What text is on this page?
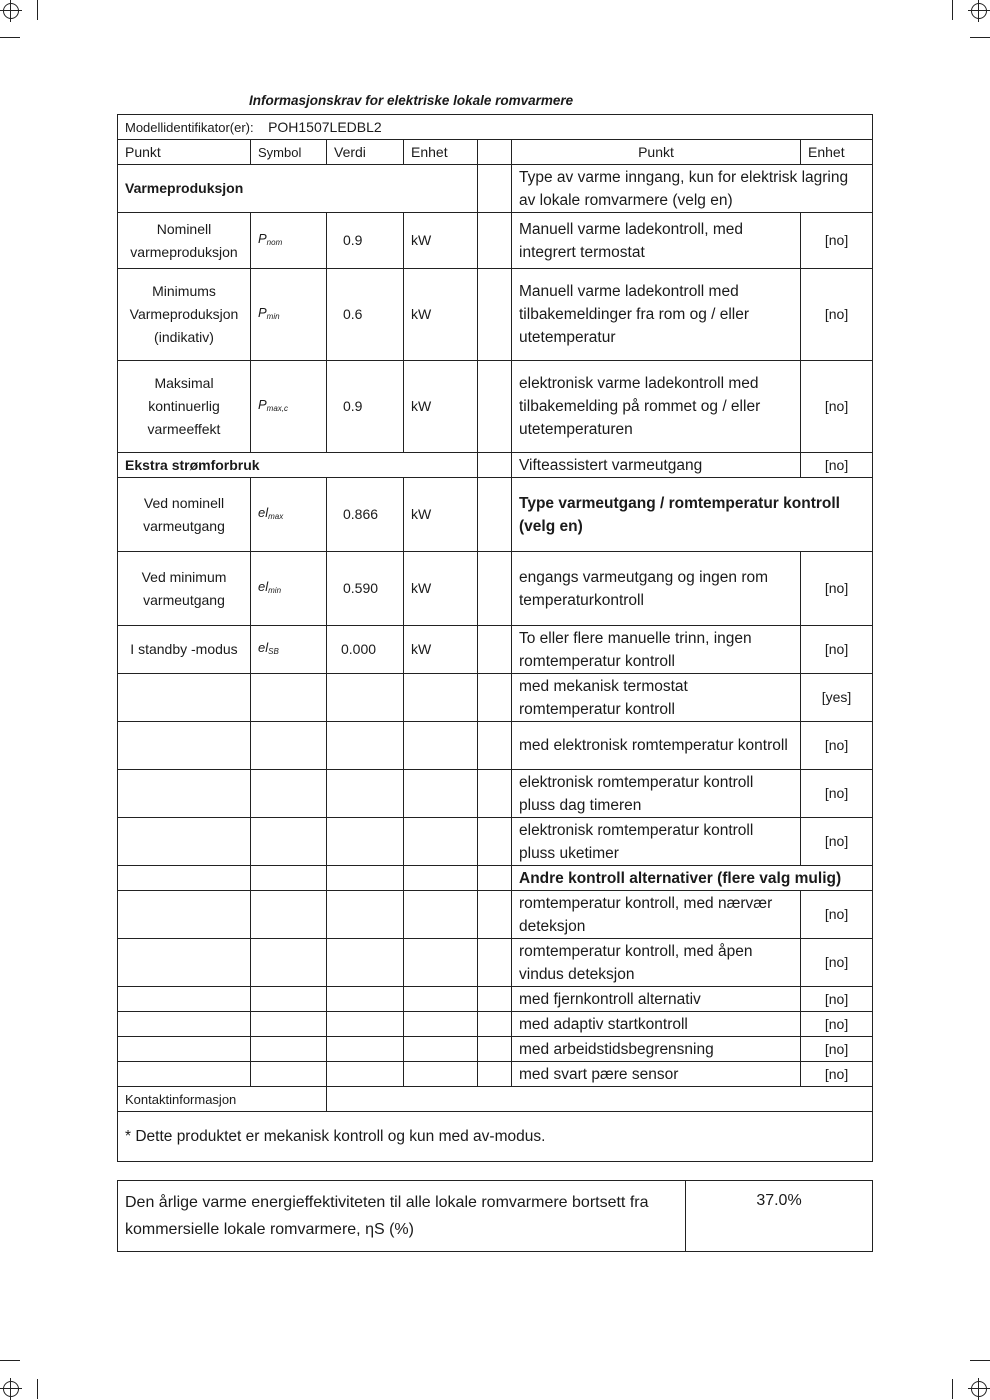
Informasjonskrav for elektriske lokale romvarmere
Modellidentifikator(er): POH1507LEDBL2						
Punkt	Symbol	Verdi	Enhet		Punkt	Enhet
Varmeproduksjon					Type av varme inngang, kun for elektrisk lagring av lokale romvarmere (velg en)	
Nominell varmeproduksjon	$P_{nom}$	0.9	kW		Manuell varme ladekontroll, med integrert termostat	[no]
Minimums Varmeproduksjon (indikativ)	$P_{min}$	0.6	kW		Manuell varme ladekontroll med tilbakemeldinger fra rom og / eller utetemperatur	[no]
Maksimal kontinuerlig varmeeffekt	$P_{max,c}$	0.9	kW		elektronisk varme ladekontroll med tilbakemelding på rommet og / eller utetemperaturen	[no]
Ekstra strømforbruk					Vifteassistert varmeutgang	[no]
Ved nominell varmeutgang	$el_{max}$	0.866	kW		Type varmeutgang / romtemperatur kontroll (velg en)	
Ved minimum varmeutgang	$el_{min}$	0.590	kW		engangs varmeutgang og ingen rom temperaturkontroll	[no]
I standby -modus	$el_{SB}$	0.000	kW		To eller flere manuelle trinn, ingen romtemperatur kontroll	[no]
					med mekanisk termostat romtemperatur kontroll	[yes]
					med elektronisk romtemperatur kontroll	[no]
					elektronisk romtemperatur kontroll pluss dag timeren	[no]
					elektronisk romtemperatur kontroll pluss uketimer	[no]
					Andre kontroll alternativer (flere valg mulig)	
					romtemperatur kontroll, med nærvær deteksjon	[no]
					romtemperatur kontroll, med åpen vindus deteksjon	[no]
					med fjernkontroll alternativ	[no]
					med adaptiv startkontroll	[no]
					med arbeidstidsbegrensning	[no]
					med svart pære sensor	[no]
Kontaktinformasjon						
* Dette produktet er mekanisk kontroll og kun med av-modus.						
Den årlige varme energieffektiviteten til alle lokale romvarmere bortsett fra kommersielle lokale romvarmere, ηS (%)	37.0%
